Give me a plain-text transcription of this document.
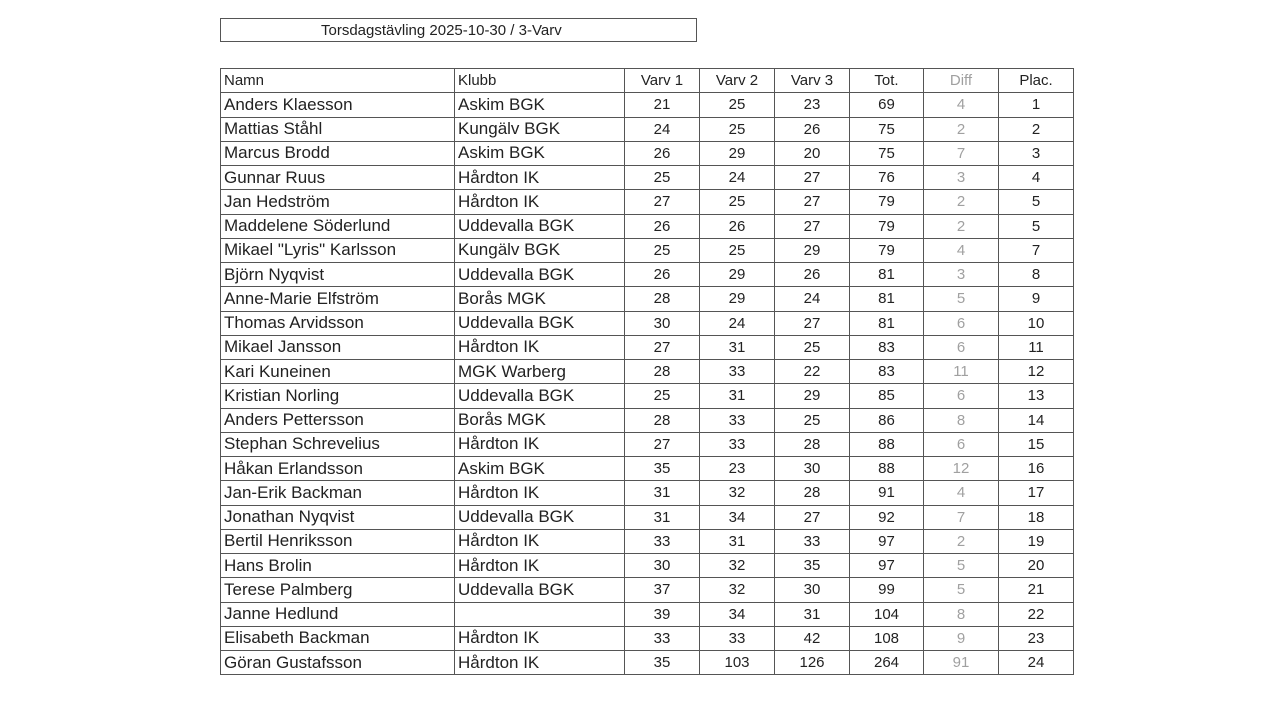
Torsdagstävling 2025-10-30 / 3-Varv
Namn	Klubb	Varv 1	Varv 2	Varv 3	Tot.	Diff	Plac.
Anders Klaesson	Askim BGK	21	25	23	69	4	1
Mattias Ståhl	Kungälv BGK	24	25	26	75	2	2
Marcus Brodd	Askim BGK	26	29	20	75	7	3
Gunnar Ruus	Hårdton IK	25	24	27	76	3	4
Jan Hedström	Hårdton IK	27	25	27	79	2	5
Maddelene Söderlund	Uddevalla BGK	26	26	27	79	2	5
Mikael "Lyris" Karlsson	Kungälv BGK	25	25	29	79	4	7
Björn Nyqvist	Uddevalla BGK	26	29	26	81	3	8
Anne-Marie Elfström	Borås MGK	28	29	24	81	5	9
Thomas Arvidsson	Uddevalla BGK	30	24	27	81	6	10
Mikael Jansson	Hårdton IK	27	31	25	83	6	11
Kari Kuneinen	MGK Warberg	28	33	22	83	11	12
Kristian Norling	Uddevalla BGK	25	31	29	85	6	13
Anders Pettersson	Borås MGK	28	33	25	86	8	14
Stephan Schrevelius	Hårdton IK	27	33	28	88	6	15
Håkan Erlandsson	Askim BGK	35	23	30	88	12	16
Jan-Erik Backman	Hårdton IK	31	32	28	91	4	17
Jonathan Nyqvist	Uddevalla BGK	31	34	27	92	7	18
Bertil Henriksson	Hårdton IK	33	31	33	97	2	19
Hans Brolin	Hårdton IK	30	32	35	97	5	20
Terese Palmberg	Uddevalla BGK	37	32	30	99	5	21
Janne Hedlund		39	34	31	104	8	22
Elisabeth Backman	Hårdton IK	33	33	42	108	9	23
Göran Gustafsson	Hårdton IK	35	103	126	264	91	24
